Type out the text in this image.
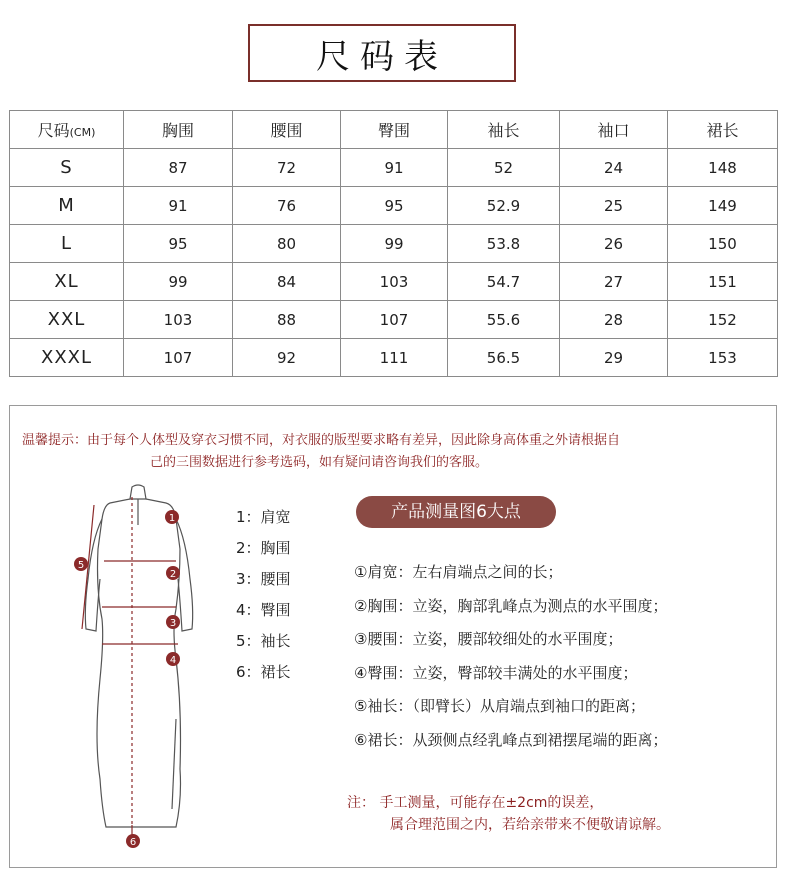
尺码表
尺码(CM)	胸围	腰围	臀围	袖长	袖口	裙长
S	87	72	91	52	24	148
M	91	76	95	52.9	25	149
L	95	80	99	53.8	26	150
XL	99	84	103	54.7	27	151
XXL	103	88	107	55.6	28	152
XXXL	107	92	111	56.5	29	153
温馨提示：由于每个人体型及穿衣习惯不同，对衣服的版型要求略有差异，因此除身高体重之外请根据自
己的三围数据进行参考选码，如有疑问请咨询我们的客服。
1
2
3
4
5
6
1：肩宽
2：胸围
3：腰围
4：臀围
5：袖长
6：裙长
产品测量图6大点
①肩宽：左右肩端点之间的长；
②胸围：立姿，胸部乳峰点为测点的水平围度；
③腰围：立姿，腰部较细处的水平围度；
④臀围：立姿，臀部较丰满处的水平围度；
⑤袖长：（即臂长）从肩端点到袖口的距离；
⑥裙长：从颈侧点经乳峰点到裙摆尾端的距离；
注： 手工测量，可能存在±2cm的误差，
属合理范围之内，若给亲带来不便敬请谅解。
